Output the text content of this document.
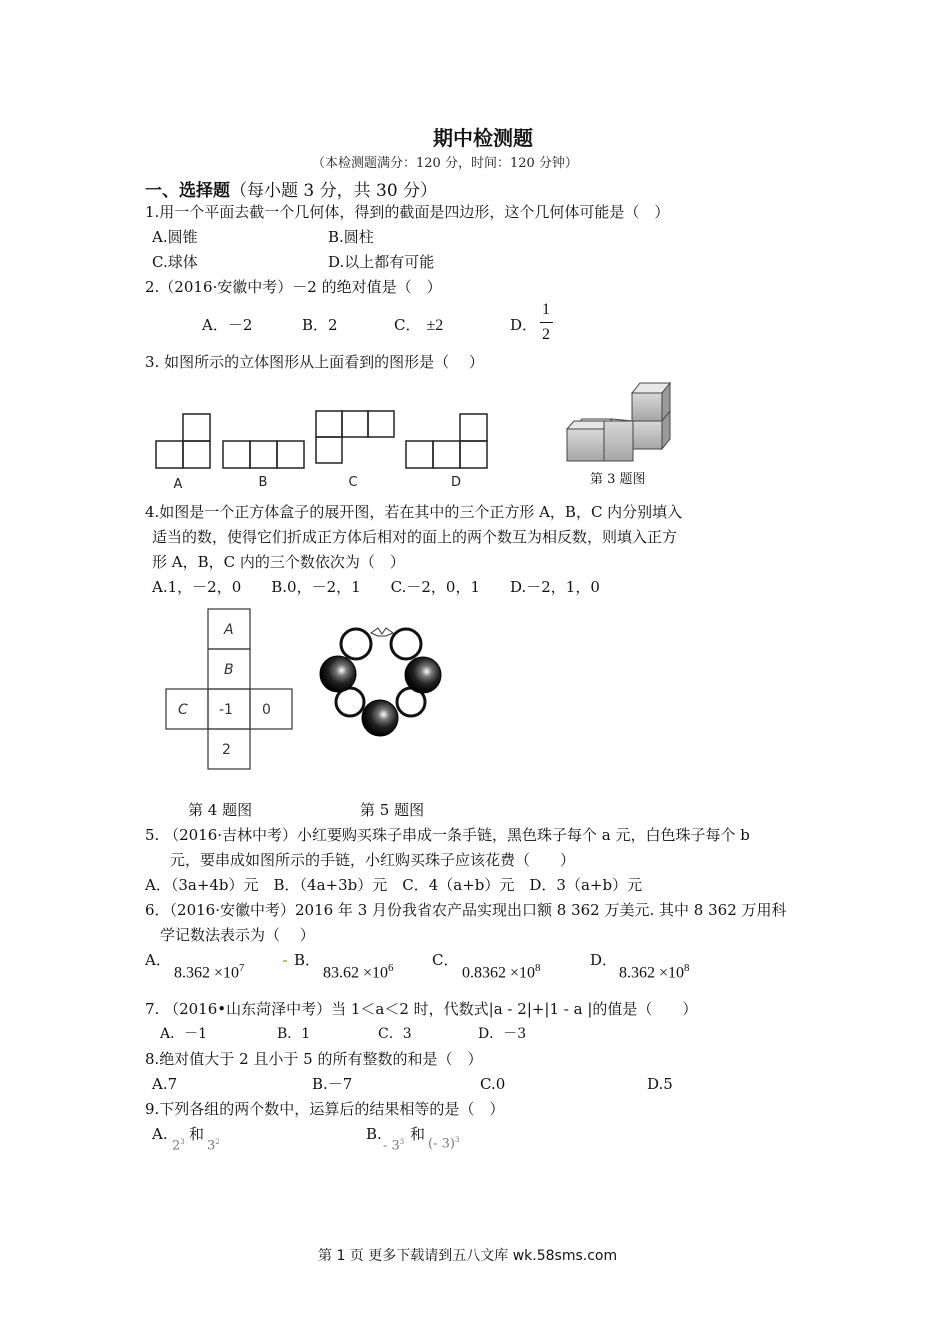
期中检测题
（本检测题满分：120 分，时间：120 分钟）
一、选择题（每小题 3 分，共 30 分）
1.用一个平面去截一个几何体，得到的截面是四边形，这个几何体可能是（　）
A.圆锥	B.圆柱
C.球体	D.以上都有可能
2.（2016·安徽中考）－2 的绝对值是（　）
A．－2	B．2	C． ±2	D．
1
2
3. 如图所示的立体图形从上面看到的图形是（　 ）
A	B	C	D	第 3 题图
4.如图是一个正方体盒子的展开图，若在其中的三个正方形 A，B，C 内分别填入
适当的数，使得它们折成正方体后相对的面上的两个数互为相反数，则填入正方
形 A，B，C 内的三个数依次为（　）
A.1，－2，0　　B.0，－2，1　　C.－2，0，1　　D.－2，1，0
A
B
C -1 0
2
第 4 题图	第 5 题图
5. （2016·吉林中考）小红要购买珠子串成一条手链，黑色珠子每个 a 元，白色珠子每个 b
元，要串成如图所示的手链，小红购买珠子应该花费（　　）
A．（3a+4b）元　B．（4a+3b）元　C．4（a+b）元　D．3（a+b）元
6．（2016·安徽中考）2016 年 3 月份我省农产品实现出口额 8 362 万美元. 其中 8 362 万用科
学记数法表示为（　 ）
A．
$8.362 \times 10^7$	B．
$83.62 \times 10^6$	C．
$0.8362 \times 10^8$	D．
$8.362 \times 10^8$
7. （2016•山东菏泽中考）当 1＜a＜2 时，代数式|a - 2|+|1 - a |的值是（　　）
A．－1	B．1	C．3	D．－3
8.绝对值大于 2 且小于 5 的所有整数的和是（　）
A.7	B.－7	C.0	D.5
9.下列各组的两个数中，运算后的结果相等的是（　）
A.
$2^3$ 和
$3^2$	B.
- $3^3$ 和
(- 3)$^3$
第 1 页 更多下载请到五八文库 wk.58sms.com
